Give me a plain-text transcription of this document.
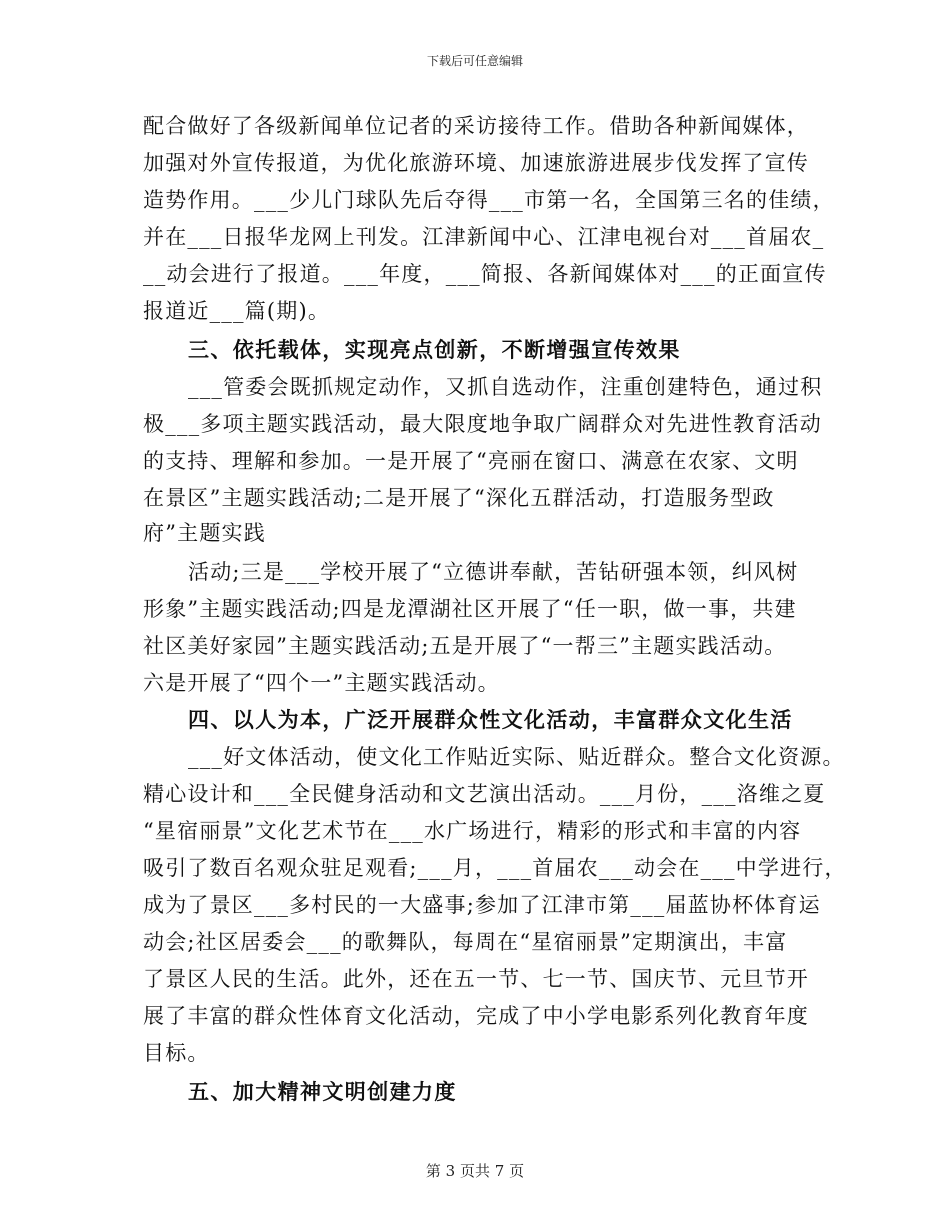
下载后可任意编辑
配合做好了各级新闻单位记者的采访接待工作。借助各种新闻媒体，
加强对外宣传报道，为优化旅游环境、加速旅游进展步伐发挥了宣传
造势作用。___少儿门球队先后夺得___市第一名，全国第三名的佳绩，
并在___日报华龙网上刊发。江津新闻中心、江津电视台对___首届农_
__动会进行了报道。___年度，___简报、各新闻媒体对___的正面宣传
报道近___篇(期)。
三、依托载体，实现亮点创新，不断增强宣传效果
___管委会既抓规定动作，又抓自选动作，注重创建特色，通过积
极___多项主题实践活动，最大限度地争取广阔群众对先进性教育活动
的支持、理解和参加。一是开展了“亮丽在窗口、满意在农家、文明
在景区”主题实践活动;二是开展了“深化五群活动，打造服务型政
府”主题实践
活动;三是___学校开展了“立德讲奉献，苦钻研强本领，纠风树
形象”主题实践活动;四是龙潭湖社区开展了“任一职，做一事，共建
社区美好家园”主题实践活动;五是开展了“一帮三”主题实践活动。
六是开展了“四个一”主题实践活动。
四、以人为本，广泛开展群众性文化活动，丰富群众文化生活
___好文体活动，使文化工作贴近实际、贴近群众。整合文化资源。
精心设计和___全民健身活动和文艺演出活动。___月份，___洛维之夏
“星宿丽景”文化艺术节在___水广场进行，精彩的形式和丰富的内容
吸引了数百名观众驻足观看;___月，___首届农___动会在___中学进行，
成为了景区___多村民的一大盛事;参加了江津市第___届蓝协杯体育运
动会;社区居委会___的歌舞队，每周在“星宿丽景”定期演出，丰富
了景区人民的生活。此外，还在五一节、七一节、国庆节、元旦节开
展了丰富的群众性体育文化活动，完成了中小学电影系列化教育年度
目标。
五、加大精神文明创建力度
第 3 页共 7 页
